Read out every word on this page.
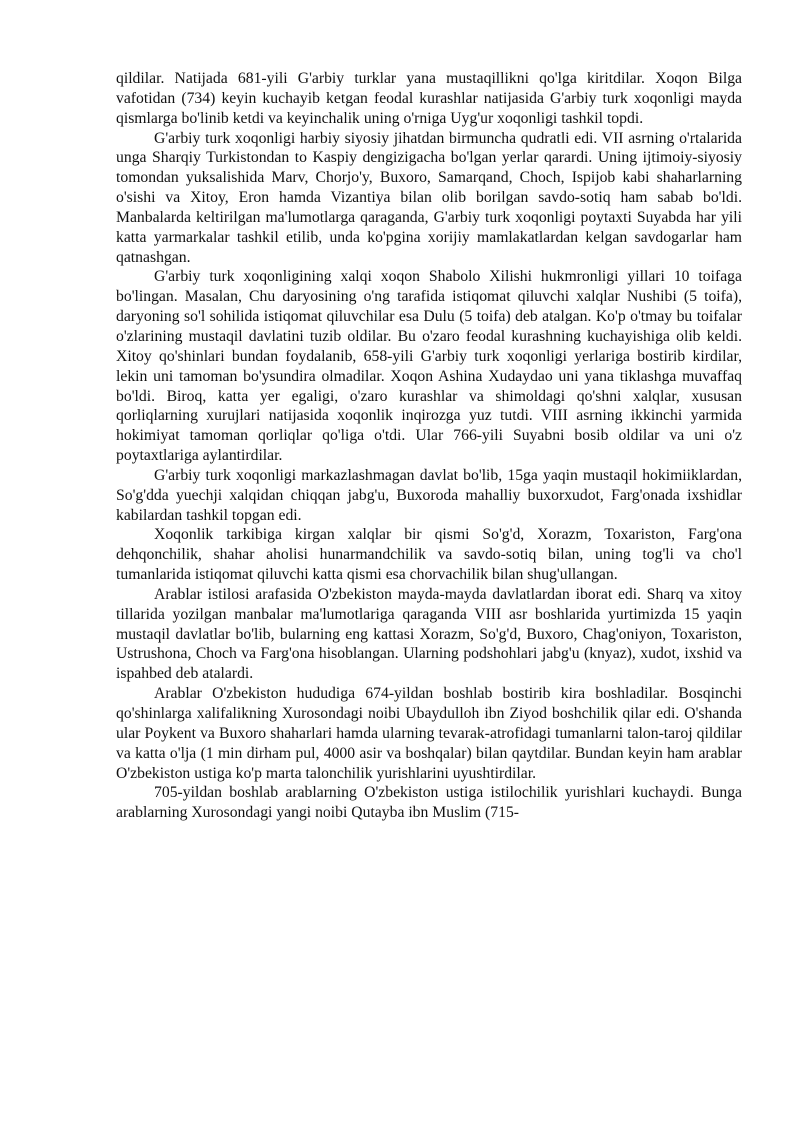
qildilar. Natijada 681-yili G'arbiy turklar yana mustaqillikni qo'lga kiritdilar. Xoqon Bilga vafotidan (734) keyin kuchayib ketgan feodal kurashlar natijasida G'arbiy turk xoqonligi mayda qismlarga bo'linib ketdi va keyinchalik uning o'rniga Uyg'ur xoqonligi tashkil topdi.

G'arbiy turk xoqonligi harbiy siyosiy jihatdan birmuncha qudratli edi. VII asrning o'rtalarida unga Sharqiy Turkistondan to Kaspiy dengizigacha bo'lgan yerlar qarardi. Uning ijtimoiy-siyosiy tomondan yuksalishida Marv, Chorjo'y, Buxoro, Samarqand, Choch, Ispijob kabi shaharlarning o'sishi va Xitoy, Eron hamda Vizantiya bilan olib borilgan savdo-sotiq ham sabab bo'ldi. Manbalarda keltirilgan ma'lumotlarga qaraganda, G'arbiy turk xoqonligi poytaxti Suyabda har yili katta yarmarkalar tashkil etilib, unda ko'pgina xorijiy mamlakatlardan kelgan savdogarlar ham qatnashgan.

G'arbiy turk xoqonligining xalqi xoqon Shabolo Xilishi hukmronligi yillari 10 toifaga bo'lingan. Masalan, Chu daryosining o'ng tarafida istiqomat qiluvchi xalqlar Nushibi (5 toifa), daryoning so'l sohilida istiqomat qiluvchilar esa Dulu (5 toifa) deb atalgan. Ko'p o'tmay bu toifalar o'zlarining mustaqil davlatini tuzib oldilar. Bu o'zaro feodal kurashning kuchayishiga olib keldi. Xitoy qo'shinlari bundan foydalanib, 658-yili G'arbiy turk xoqonligi yerlariga bostirib kirdilar, lekin uni tamoman bo'ysundira olmadilar. Xoqon Ashina Xudaydao uni yana tiklashga muvaffaq bo'ldi. Biroq, katta yer egaligi, o'zaro kurashlar va shimoldagi qo'shni xalqlar, xususan qorliqlarning xurujlari natijasida xoqonlik inqirozga yuz tutdi. VIII asrning ikkinchi yarmida hokimiyat tamoman qorliqlar qo'liga o'tdi. Ular 766-yili Suyabni bosib oldilar va uni o'z poytaxtlariga aylantirdilar.

G'arbiy turk xoqonligi markazlashmagan davlat bo'lib, 15ga yaqin mustaqil hokimiiklardan, So'g'dda yuechji xalqidan chiqqan jabg'u, Buxoroda mahalliy buxorxudot, Farg'onada ixshidlar kabilardan tashkil topgan edi.

Xoqonlik tarkibiga kirgan xalqlar bir qismi So'g'd, Xorazm, Toxariston, Farg'ona dehqonchilik, shahar aholisi hunarmandchilik va savdo-sotiq bilan, uning tog'li va cho'l tumanlarida istiqomat qiluvchi katta qismi esa chorvachilik bilan shug'ullangan.

Arablar istilosi arafasida O'zbekiston mayda-mayda davlatlardan iborat edi. Sharq va xitoy tillarida yozilgan manbalar ma'lumotlariga qaraganda VIII asr boshlarida yurtimizda 15 yaqin mustaqil davlatlar bo'lib, bularning eng kattasi Xorazm, So'g'd, Buxoro, Chag'oniyon, Toxariston, Ustrushona, Choch va Farg'ona hisoblangan. Ularning podshohlari jabg'u (knyaz), xudot, ixshid va ispahbed deb atalardi.

Arablar O'zbekiston hududiga 674-yildan boshlab bostirib kira boshladilar. Bosqinchi qo'shinlarga xalifalikning Xurosondagi noibi Ubaydulloh ibn Ziyod boshchilik qilar edi. O'shanda ular Poykent va Buxoro shaharlari hamda ularning tevarak-atrofidagi tumanlarni talon-taroj qildilar va katta o'lja (1 min dirham pul, 4000 asir va boshqalar) bilan qaytdilar. Bundan keyin ham arablar O'zbekiston ustiga ko'p marta talonchilik yurishlarini uyushtirdilar.

705-yildan boshlab arablarning O'zbekiston ustiga istilochilik yurishlari kuchaydi. Bunga arablarning Xurosondagi yangi noibi Qutayba ibn Muslim (715-
